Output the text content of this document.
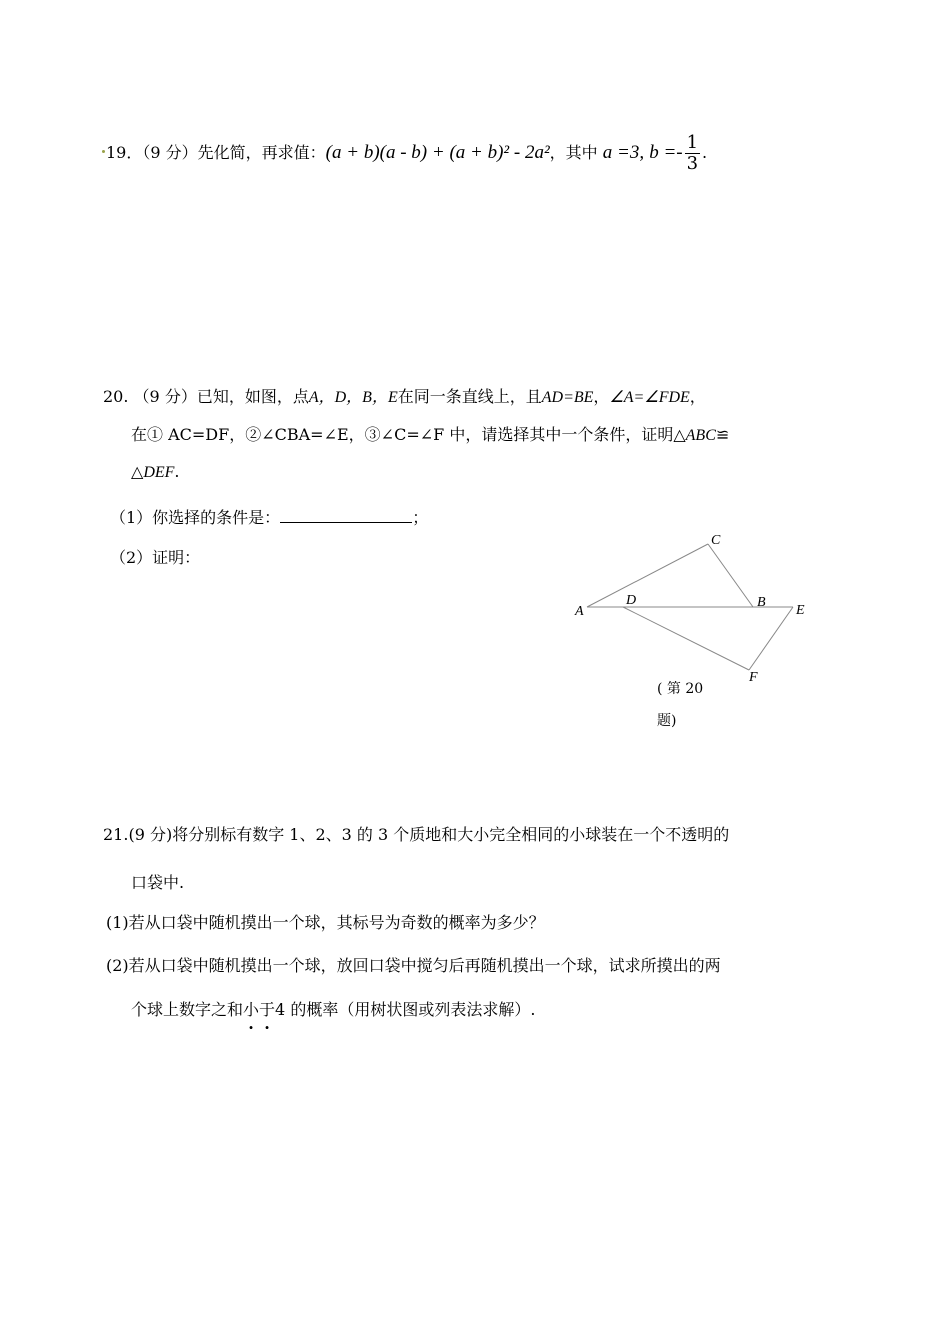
19．（9 分）先化简，再求值：(a + b)(a - b) + (a + b)² - 2a²，其中 a =3, $b =- \frac{1}{3}$ .
20. （9 分）已知，如图，点A，D，B，E在同一条直线上，且AD=BE，∠A=∠FDE，
在① AC=DF，②∠CBA=∠E，③∠C=∠F 中，请选择其中一个条件，证明△ABC≌
△DEF.
（1）你选择的条件是：	；
（2）证明：
C
A
D	B
E
F
( 第 20
题)
21.(9 分)将分别标有数字 1、2、3 的 3 个质地和大小完全相同的小球装在一个不透明的
口袋中.
(1)若从口袋中随机摸出一个球，其标号为奇数的概率为多少？
(2)若从口袋中随机摸出一个球，放回口袋中搅匀后再随机摸出一个球，试求所摸出的两
个球上数字之和小于4 的概率（用树状图或列表法求解）.
